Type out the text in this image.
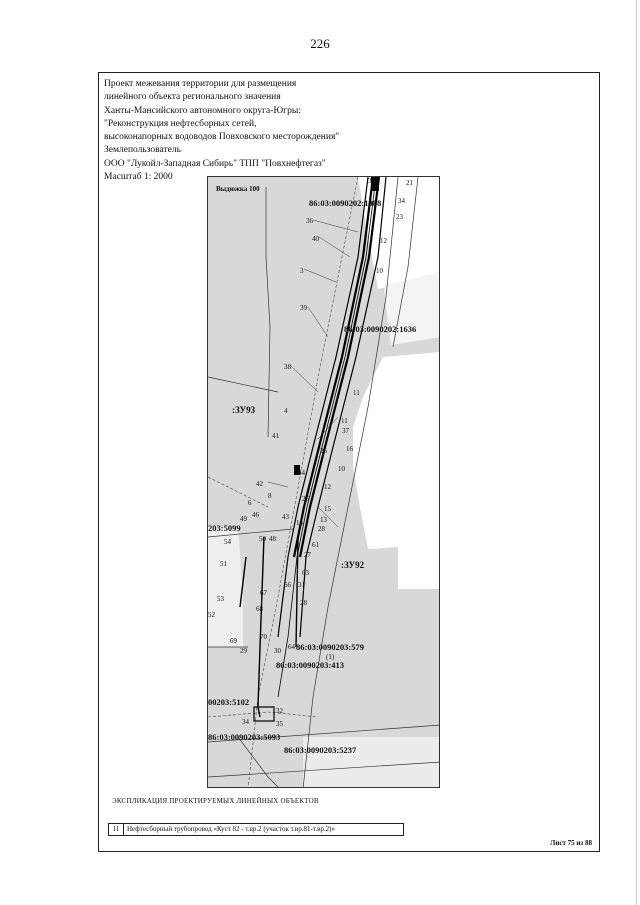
226
Проект межевания территории для размещения
линейного объекта регионального значения
Ханты-Мансийского автономного округа-Югры:
"Реконструкция нефтесборных сетей,
высоконапорных водоводов Повховского месторождения"
Землепользователь
ООО "Лукойл-Западная Сибирь" ТПП "Повхнефтегаз"
Масштаб 1: 2000
Выдюжка 100
86:03:0090202:1988
86:03:0090202:1636
203:5099
86:03:0090203:579
(1)
86:03:0090203:413
00203:5102
86:03:0090203:5093
86:03:0090203:5237
:ЗУ93
:ЗУ92
3	21
34
23
36
40	12
3	10
39
38
11
4
11
37
41
16
25
10
44
12
42
8	26
6
15
49 46	43	13
14
28
54	50 48
61
27
51
63
66 31
53
67
28
52
68
69	70
64
29	30
32
34	35
ЭКСПЛИКАЦИЯ ПРОЕКТИРУЕМЫХ ЛИНЕЙНЫХ ОБЪЕКТОВ
11	Нефтесборный трубопровод «Куст 82 - т.вр.2 (участок т.вр.81-т.вр.2)»
Лист 75 из 88
